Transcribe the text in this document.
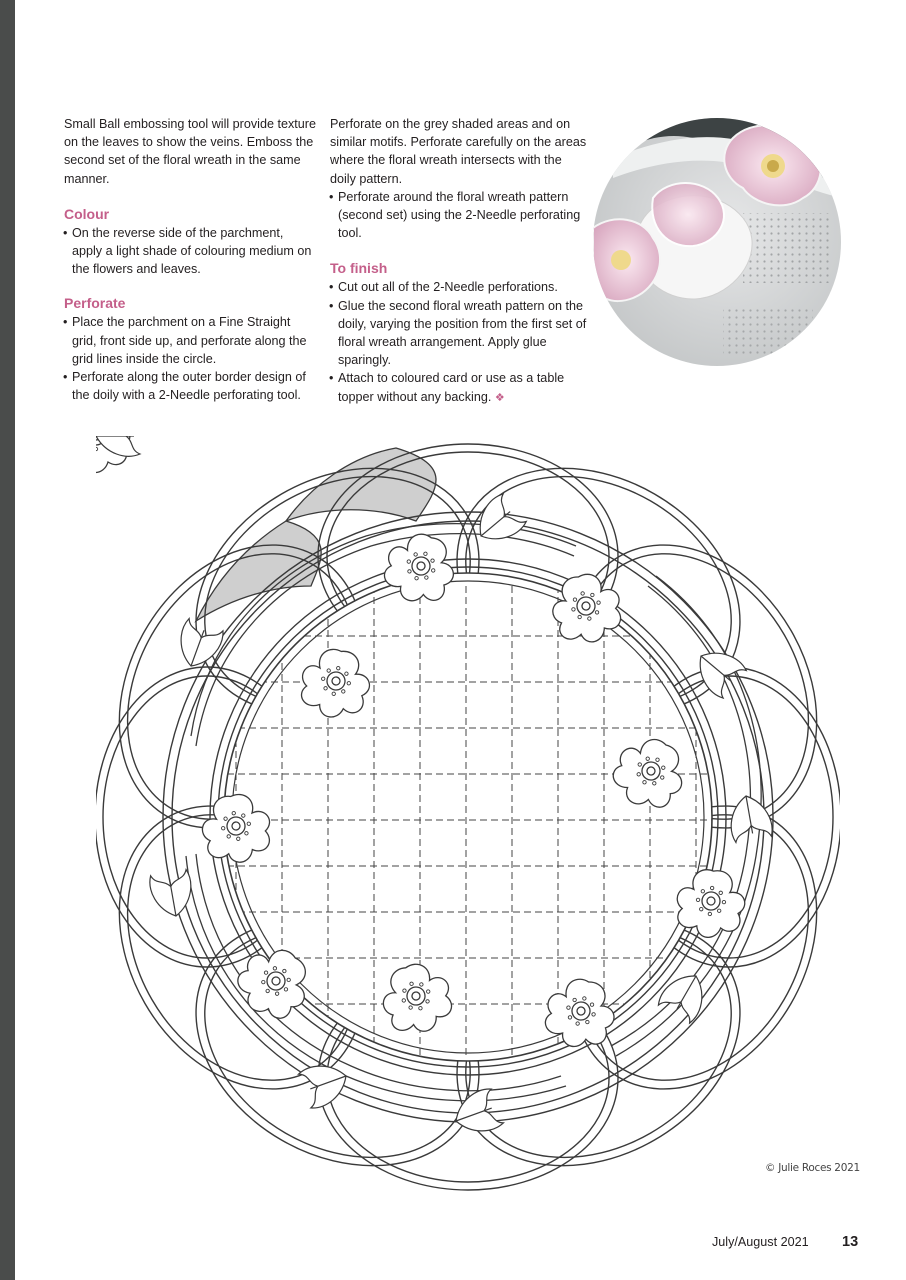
Small Ball embossing tool will provide texture on the leaves to show the veins. Emboss the second set of the floral wreath in the same manner.

Colour
• On the reverse side of the parchment, apply a light shade of colouring medium on the flowers and leaves.
Perforate
• Place the parchment on a Fine Straight grid, front side up, and perforate along the grid lines inside the circle.
• Perforate along the outer border design of the doily with a 2-Needle perforating tool.

Perforate on the grey shaded areas and on similar motifs. Perforate carefully on the areas where the floral wreath intersects with the doily pattern.

• Perforate around the floral wreath pattern (second set) using the 2-Needle perforating tool.
To finish
• Cut out all of the 2-Needle perforations.
• Glue the second floral wreath pattern on the doily, varying the position from the first set of floral wreath arrangement. Apply glue sparingly.
• Attach to coloured card or use as a table topper without any backing. ❖
© Julie Roces 2021
July/August 2021 13
